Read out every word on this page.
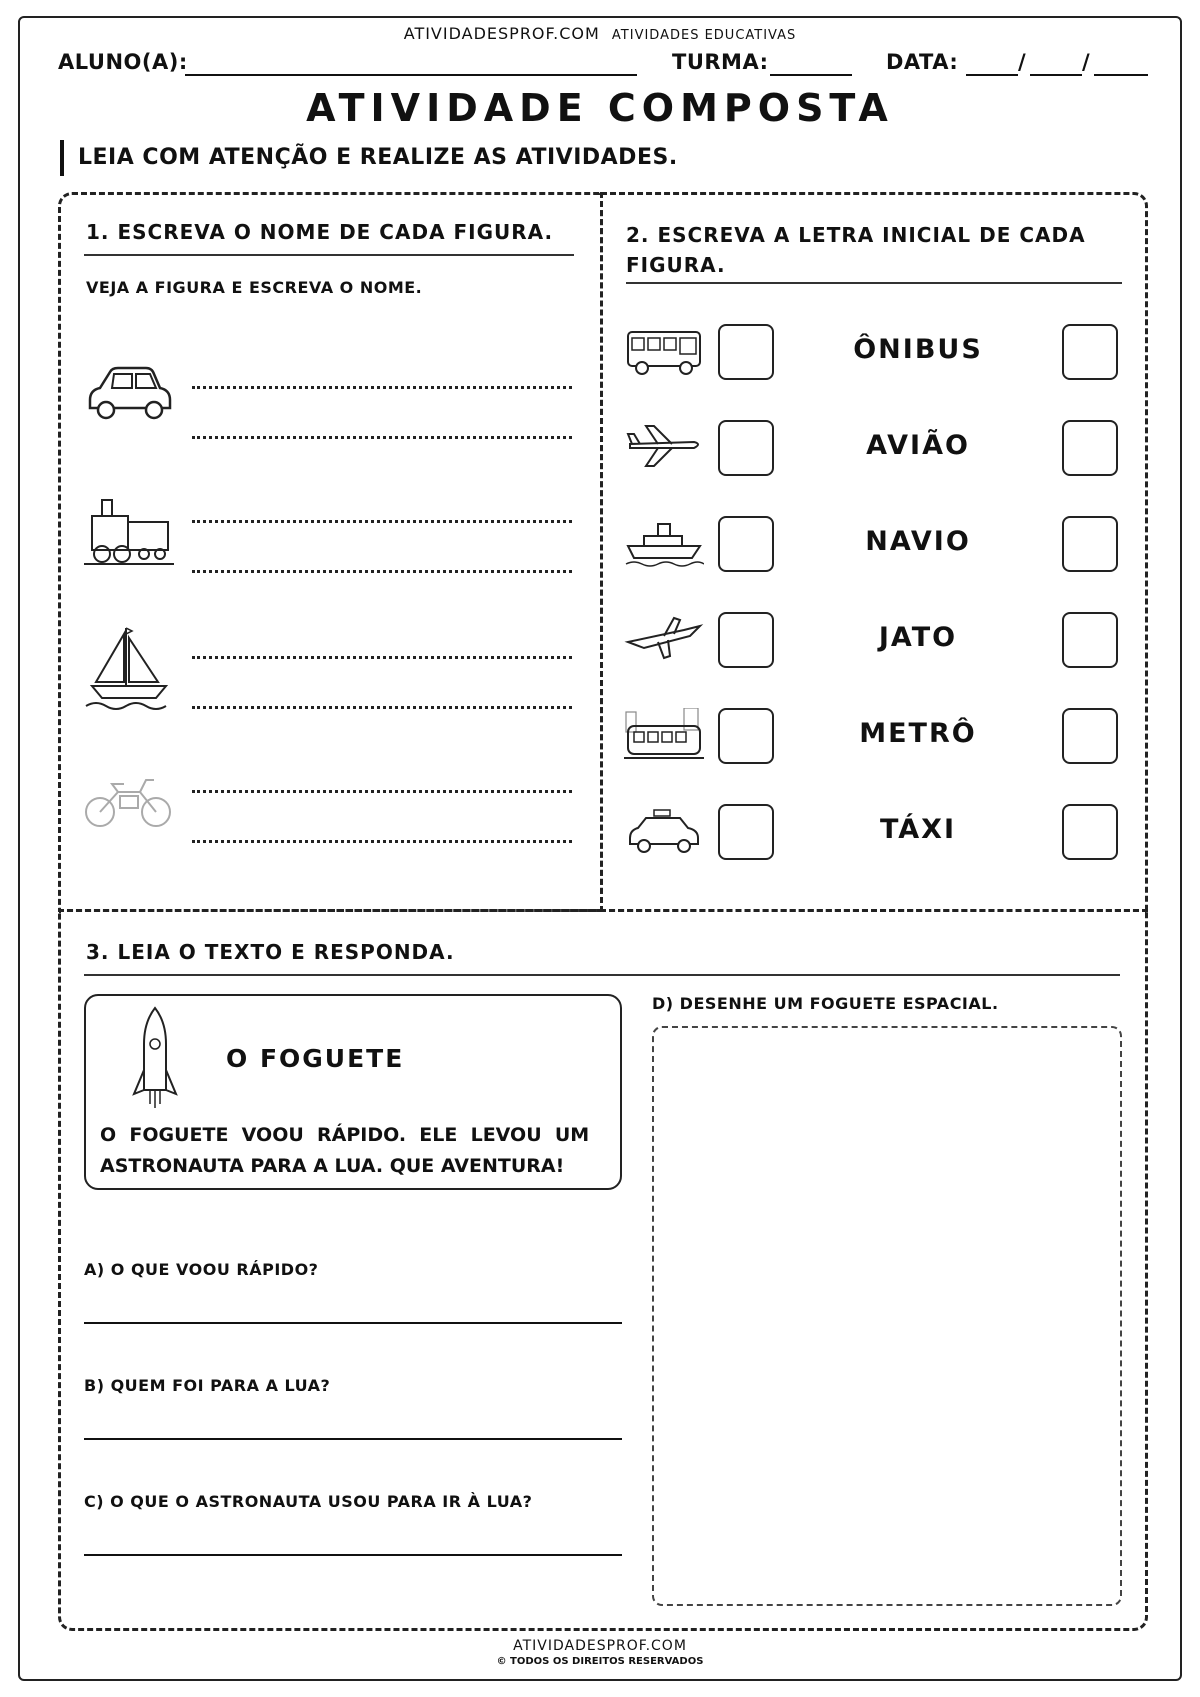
ATIVIDADESPROF.COM ATIVIDADES EDUCATIVAS
ALUNO(A):	TURMA:	DATA:	/	/
ATIVIDADE COMPOSTA
LEIA COM ATENÇÃO E REALIZE AS ATIVIDADES.
1. ESCREVA O NOME DE CADA FIGURA.
VEJA A FIGURA E ESCREVA O NOME.
2. ESCREVA A LETRA INICIAL DE CADA FIGURA.
ÔNIBUS
AVIÃO
NAVIO
JATO
METRÔ
TÁXI
3. LEIA O TEXTO E RESPONDA.
O FOGUETE
O  FOGUETE  VOOU  RÁPIDO.  ELE  LEVOU  UM
ASTRONAUTA PARA A LUA. QUE AVENTURA!
A) O QUE VOOU RÁPIDO?
B) QUEM FOI PARA A LUA?
C) O QUE O ASTRONAUTA USOU PARA IR À LUA?
D) DESENHE UM FOGUETE ESPACIAL.
ATIVIDADESPROF.COM
© TODOS OS DIREITOS RESERVADOS
